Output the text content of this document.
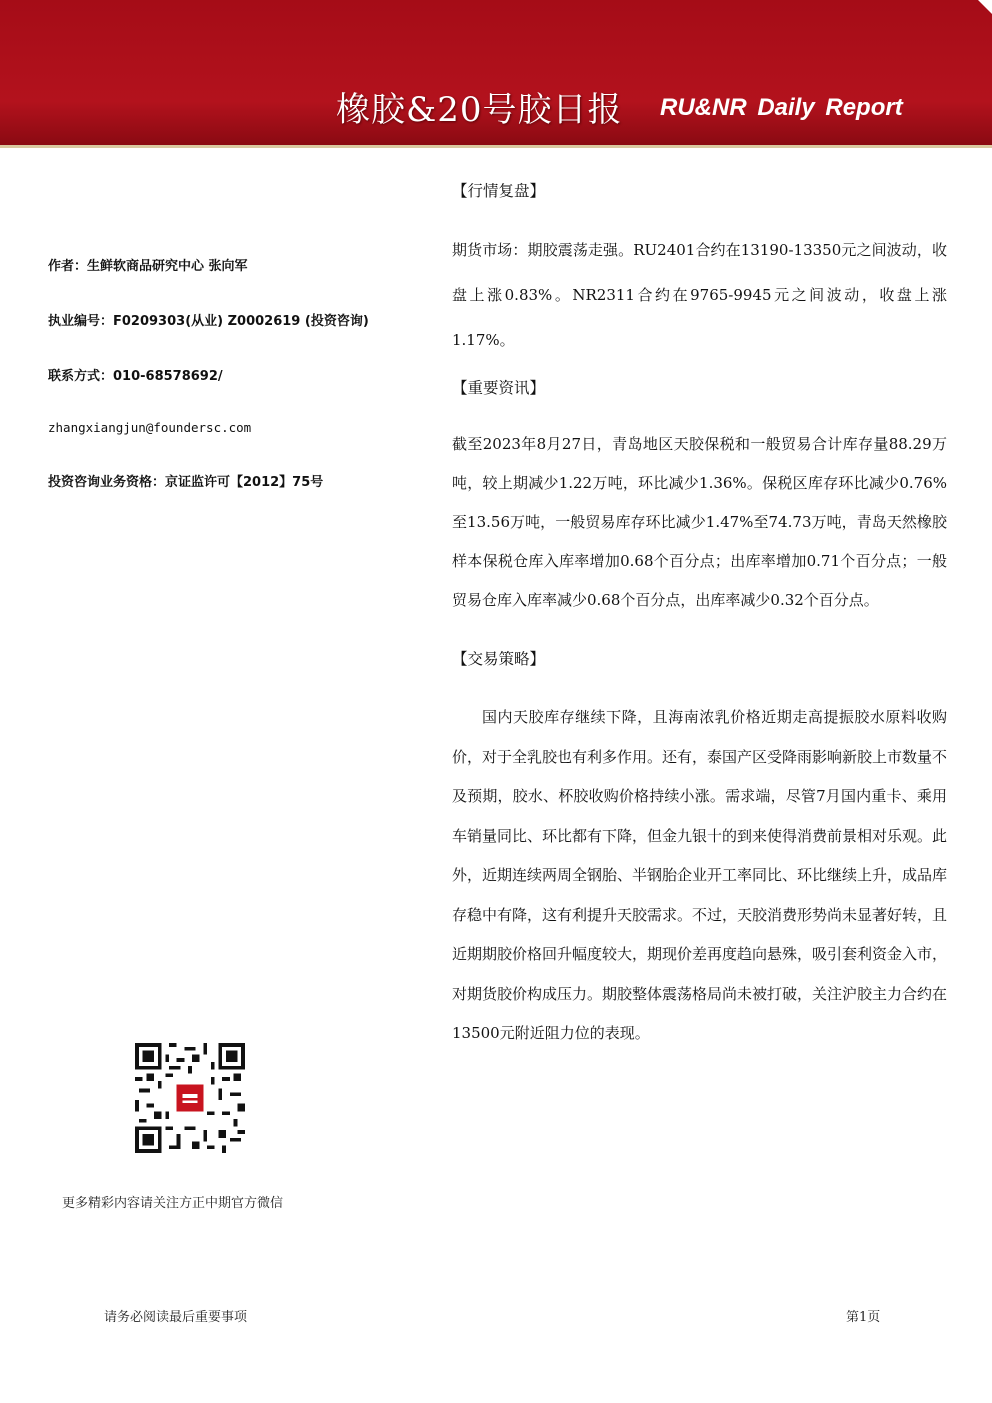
橡胶&20号胶日报 RU&NR Daily Report

作者：生鲜软商品研究中心 张向军

执业编号：F0209303(从业) Z0002619 (投资咨询)

联系方式：010-68578692/

zhangxiangjun@foundersc.com

投资咨询业务资格：京证监许可【2012】75号

更多精彩内容请关注方正中期官方微信

【行情复盘】

期货市场：期胶震荡走强。RU2401合约在13190-13350元之间波动，收盘上涨0.83%。NR2311合约在9765-9945元之间波动，收盘上涨1.17%。

【重要资讯】

截至2023年8月27日，青岛地区天胶保税和一般贸易合计库存量88.29万吨，较上期减少1.22万吨，环比减少1.36%。保税区库存环比减少0.76%至13.56万吨，一般贸易库存环比减少1.47%至74.73万吨，青岛天然橡胶样本保税仓库入库率增加0.68个百分点；出库率增加0.71个百分点；一般贸易仓库入库率减少0.68个百分点，出库率减少0.32个百分点。

【交易策略】

国内天胶库存继续下降，且海南浓乳价格近期走高提振胶水原料收购价，对于全乳胶也有利多作用。还有，泰国产区受降雨影响新胶上市数量不及预期，胶水、杯胶收购价格持续小涨。需求端，尽管7月国内重卡、乘用车销量同比、环比都有下降，但金九银十的到来使得消费前景相对乐观。此外，近期连续两周全钢胎、半钢胎企业开工率同比、环比继续上升，成品库存稳中有降，这有利提升天胶需求。不过，天胶消费形势尚未显著好转，且近期期胶价格回升幅度较大，期现价差再度趋向悬殊，吸引套利资金入市，对期货胶价构成压力。期胶整体震荡格局尚未被打破，关注沪胶主力合约在13500元附近阻力位的表现。

请务必阅读最后重要事项	第1页
